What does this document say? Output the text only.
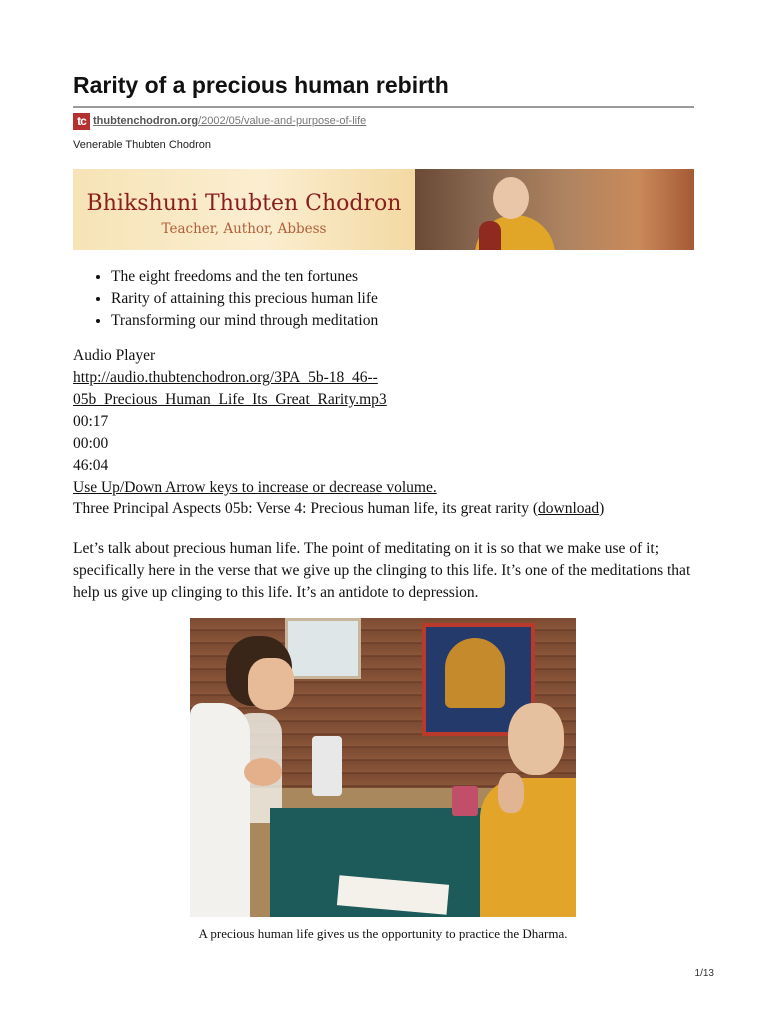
Rarity of a precious human rebirth
tc thubtenchodron.org/2002/05/value-and-purpose-of-life
Venerable Thubten Chodron
Bhikshuni Thubten Chodron
Teacher, Author, Abbess
• The eight freedoms and the ten fortunes
• Rarity of attaining this precious human life
• Transforming our mind through meditation
Audio Player
http://audio.thubtenchodron.org/3PA_5b-18_46--
05b_Precious_Human_Life_Its_Great_Rarity.mp3
00:17
00:00
46:04
Use Up/Down Arrow keys to increase or decrease volume.
Three Principal Aspects 05b: Verse 4: Precious human life, its great rarity (download)

Let’s talk about precious human life. The point of meditating on it is so that we make use of it; specifically here in the verse that we give up the clinging to this life. It’s one of the meditations that help us give up clinging to this life. It’s an antidote to depression.

A precious human life gives us the opportunity to practice the Dharma.
1/13
